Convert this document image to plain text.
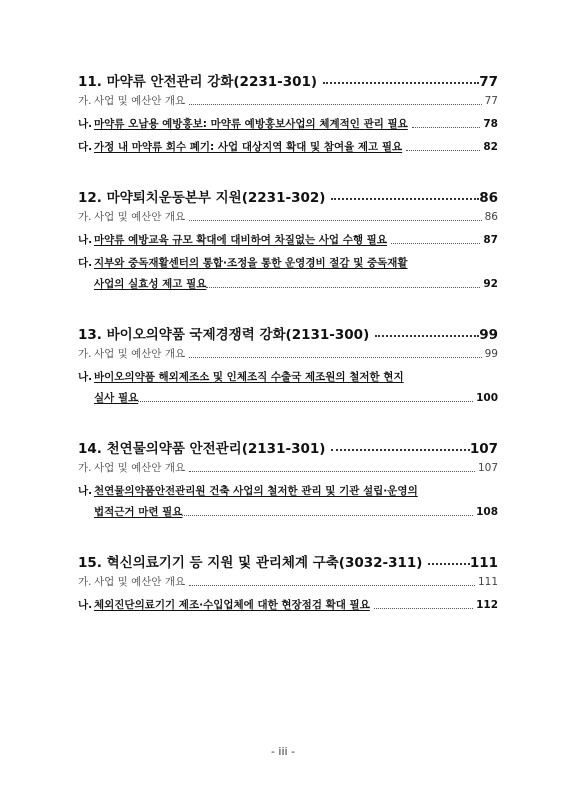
11. 마약류 안전관리 강화(2231-301)	77
가. 사업 및 예산안 개요	77
나. 마약류 오남용 예방홍보: 마약류 예방홍보사업의 체계적인 관리 필요	78
다. 가정 내 마약류 회수 폐기: 사업 대상지역 확대 및 참여율 제고 필요	82
12. 마약퇴치운동본부 지원(2231-302)	86
가. 사업 및 예산안 개요	86
나. 마약류 예방교육 규모 확대에 대비하여 차질없는 사업 수행 필요	87
다. 지부와 중독재활센터의 통합·조정을 통한 운영경비 절감 및 중독재활
사업의 실효성 제고 필요	92
13. 바이오의약품 국제경쟁력 강화(2131-300)	99
가. 사업 및 예산안 개요	99
나. 바이오의약품 해외제조소 및 인체조직 수출국 제조원의 철저한 현지
실사 필요	100
14. 천연물의약품 안전관리(2131-301)	107
가. 사업 및 예산안 개요	107
나. 천연물의약품안전관리원 건축 사업의 철저한 관리 및 기관 설립·운영의
법적근거 마련 필요	108
15. 혁신의료기기 등 지원 및 관리체계 구축(3032-311)	111
가. 사업 및 예산안 개요	111
나. 체외진단의료기기 제조·수입업체에 대한 현장점검 확대 필요	112
- iii -
